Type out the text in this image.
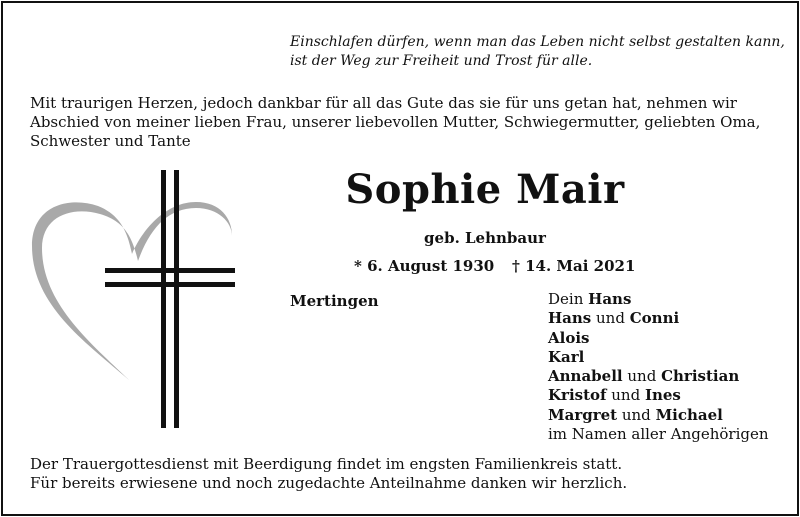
Einschlafen dürfen, wenn man das Leben nicht selbst gestalten kann,
ist der Weg zur Freiheit und Trost für alle.
Mit traurigen Herzen, jedoch dankbar für all das Gute das sie für uns getan hat, nehmen wir
Abschied von meiner lieben Frau, unserer liebevollen Mutter, Schwiegermutter, geliebten Oma,
Schwester und Tante
Sophie Mair
geb. Lehnbaur
* 6. August 1930 † 14. Mai 2021
Mertingen	Dein Hans
Hans und Conni
Alois
Karl
Annabell und Christian
Kristof und Ines
Margret und Michael
im Namen aller Angehörigen
Der Trauergottesdienst mit Beerdigung findet im engsten Familienkreis statt.
Für bereits erwiesene und noch zugedachte Anteilnahme danken wir herzlich.
